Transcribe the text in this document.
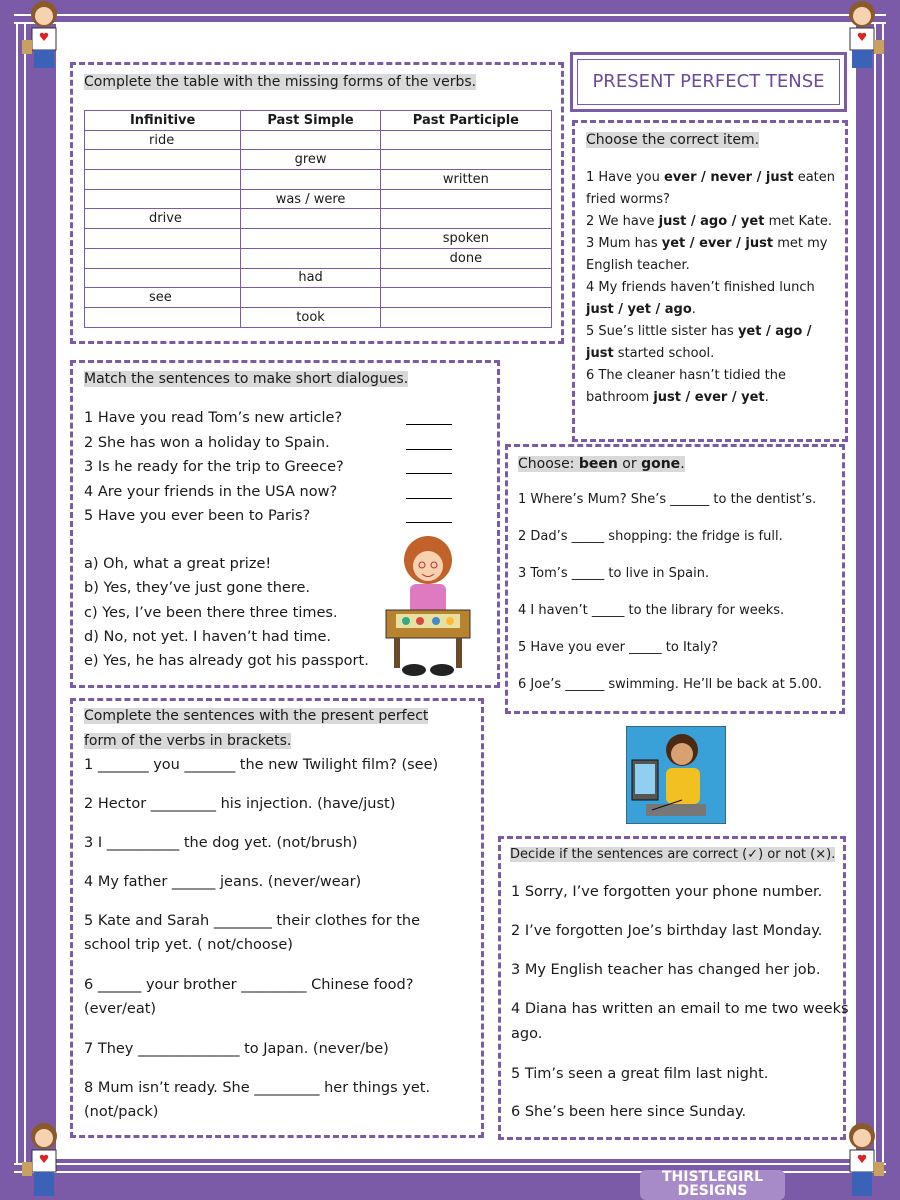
Complete the table with the missing forms of the verbs.
Infinitive	Past Simple	Past Participle
ride		
	grew	
		written
	was / were	
drive		
		spoken
		done
	had	
see		
	took	
PRESENT PERFECT TENSE
Choose the correct item.
1 Have you ever / never / just eaten
fried worms?
2 We have just / ago / yet met Kate.
3 Mum has yet / ever / just met my
English teacher.
4 My friends haven’t finished lunch
just / yet / ago.
5 Sue’s little sister has yet / ago /
just started school.
6 The cleaner hasn’t tidied the
bathroom just / ever / yet.
Match the sentences to make short dialogues.
1 Have you read Tom’s new article?
2 She has won a holiday to Spain.
3 Is he ready for the trip to Greece?
4 Are your friends in the USA now?
5 Have you ever been to Paris?
a) Oh, what a great prize!
b) Yes, they’ve just gone there.
c) Yes, I’ve been there three times.
d) No, not yet. I haven’t had time.
e) Yes, he has already got his passport.
Choose: been or gone.
1 Where’s Mum? She’s ______ to the dentist’s.
2 Dad’s _____ shopping: the fridge is full.
3 Tom’s _____ to live in Spain.
4 I haven’t _____ to the library for weeks.
5 Have you ever _____ to Italy?
6 Joe’s ______ swimming. He’ll be back at 5.00.
Complete the sentences with the present perfect
form of the verbs in brackets.
1 _______ you _______ the new Twilight film? (see)
2 Hector _________ his injection. (have/just)
3 I __________ the dog yet. (not/brush)
4 My father ______ jeans. (never/wear)
5 Kate and Sarah ________ their clothes for the
school trip yet. ( not/choose)
6 ______ your brother _________ Chinese food?
(ever/eat)
7 They ______________ to Japan. (never/be)
8 Mum isn’t ready. She _________ her things yet.
(not/pack)
Decide if the sentences are correct (✓) or not (×).
1 Sorry, I’ve forgotten your phone number.
2 I’ve forgotten Joe’s birthday last Monday.
3 My English teacher has changed her job.
4 Diana has written an email to me two weeks
ago.
5 Tim’s seen a great film last night.
6 She’s been here since Sunday.
THISTLEGIRL
DESIGNS
